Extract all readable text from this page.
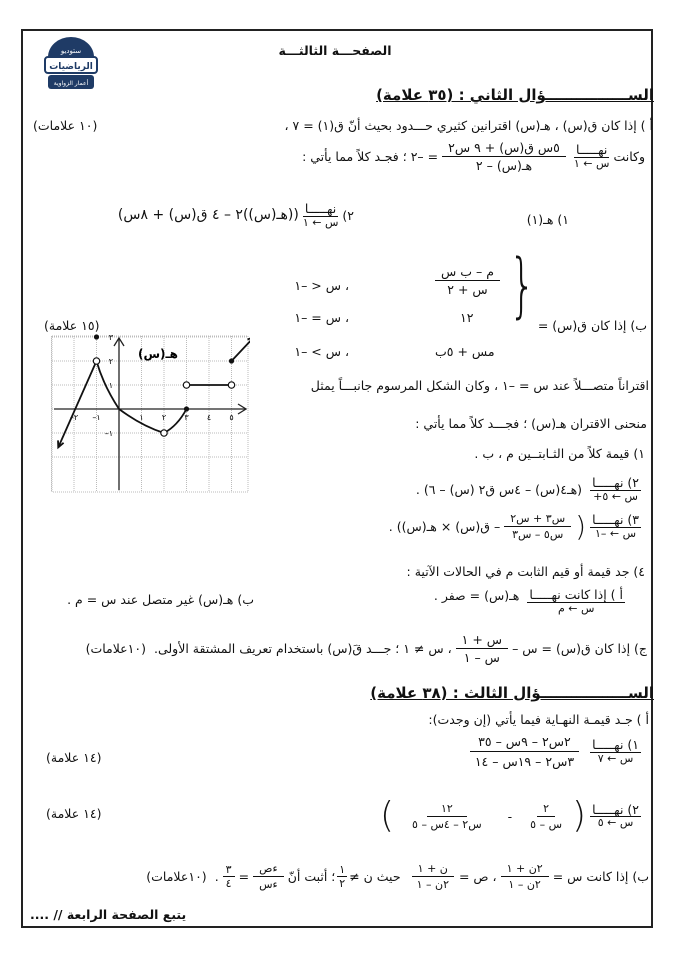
ستوديو
الرياضيات
أعمار الزواوية
الصفحـــة الثالثـــة
الســــــــــــــــؤال الثاني : (٣٥ علامة)
أ ) إذا كان ق(س) ، هـ(س) اقترانين كثيري حـــدود بحيث أنّ ق(١) = ٧ ،
(١٠ علامات)
وكانت
نهـــــا
س ← ١
$\frac{\text{٥س ق(س) + ٩ س٢}}{\text{هـ(س) – ٢}}$
= –٢ ؛ فجـد كلاً مما يأتي :
١) هـ(١)
٢)
نهـــــا
س ← ١
((هـ(س))٢ – ٤ ق(س) + ٨س)
ب) إذا كان ق(س) =
}
$\frac{\text{م – ب س}}{\text{س + ٢}}$
١٢
مس + ٥ب
، س < –١
، س = –١
، س > –١
(١٥ علامة)
–٢ –١	١ ٢ ٣ ٤ ٥
٣
٢
١
–١
هـ(س)
اقتراناً متصـــلاً عند س = –١ ، وكان الشكل المرسوم جانبـــاً يمثل
منحنى الاقتران هـ(س) ؛ فجـــد كلاً مما يأتي :
١) قيمة كلاً من الثـابتــين م ، ب .
٢) نهـــــا
س ← ٥+
(هـ٤(س) – ٤س ق٢ (س) – ٦) .
٣) نهـــــا
س ← –١
(
$\frac{\text{س٣ + س٢}}{\text{س٥ – س٣}}$
– ق(س) × هـ(س)) .
٤) جد قيمة أو قيم الثابت م في الحالات الآتية :
أ ) إذا كانت نهـــــا
س ← م
هـ(س) = صفر .
ب) هـ(س) غير متصل عند س = م .
ج) إذا كان ق(س) = س –
$\frac{\text{س + ١}}{\text{س – ١}}$
، س ≠ ١ ؛ جـــد قَ(س) باستخدام تعريف المشتقة الأولى.
(١٠علامات)
الســـــــــــــــــؤال الثالث : (٣٨ علامة)
أ ) جـد قيمـة النهـاية فيما يأتي (إن وجدت):
١) نهـــــا
س ← ٧
$\frac{\text{٢س٢ – ٩س – ٣٥}}{\text{٣س٢ – ١٩س – ١٤}}$
(١٤ علامة)
٢) نهـــــا
س ← ٥
(
$\frac{٢}{\text{س – ٥}}$
-
$\frac{١٢}{\text{س٢ – ٤س – ٥}}$
)
(١٤ علامة)
ب) إذا كانت س =
$\frac{\text{٢ن + ١}}{\text{٢ن – ١}}$
، ص =
$\frac{\text{ن + ١}}{\text{٢ن – ١}}$
حيث ن ≠
$\frac{١}{٢}$
؛ أثبت أنّ
$\frac{\text{ءص}}{\text{ءس}}$
=
$\frac{٣}{٤}$
.
(١٠علامات)
يتبع الصفحة الرابعة // ....
